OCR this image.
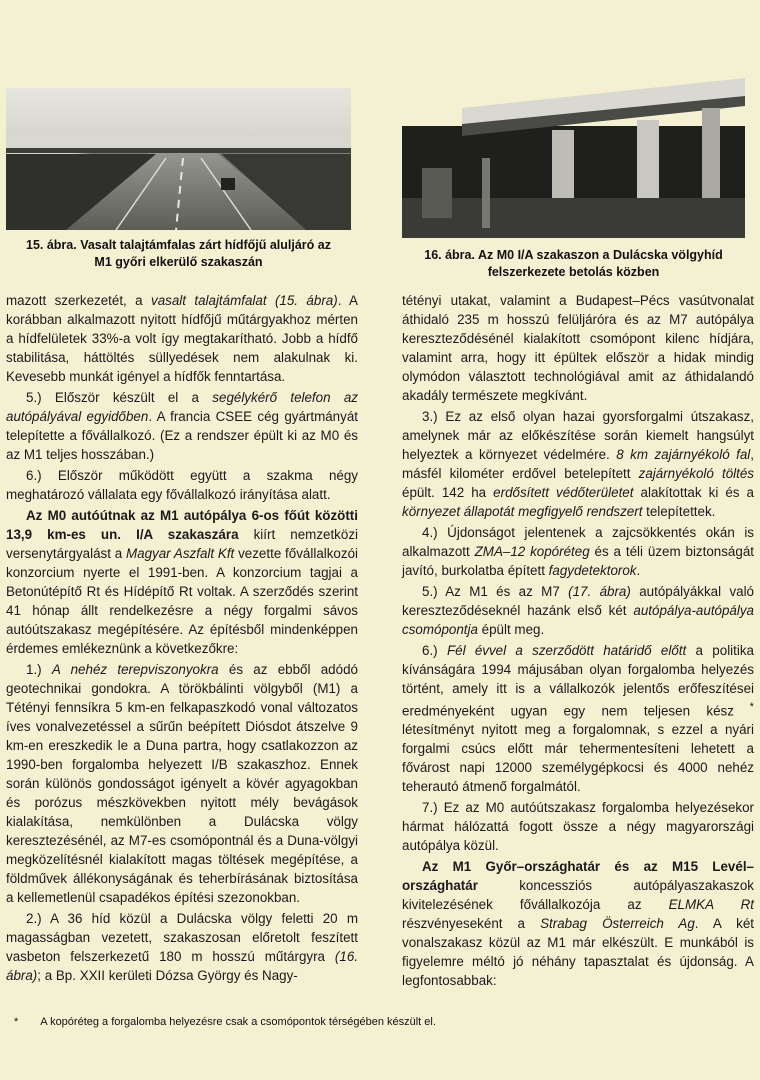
15. ábra. Vasalt talajtámfalas zárt hídfőjű aluljáró az
M1 győri elkerülő szakaszán	16. ábra. Az M0 I/A szakaszon a Dulácska völgyhíd
felszerkezete betolás közben

mazott szerkezetét, a vasalt talajtámfalat (15. ábra). A korábban alkalmazott nyitott hídfőjű műtárgyakhoz mérten a hídfelületek 33%-a volt így megtakarítható. Jobb a hídfő stabilitása, háttöltés süllyedések nem alakulnak ki. Kevesebb munkát igényel a hídfők fenntartása.

5.) Először készült el a segélykérő telefon az autópályával egyidőben. A francia CSEE cég gyártmányát telepítette a fővállalkozó. (Ez a rendszer épült ki az M0 és az M1 teljes hosszában.)

6.) Először működött együtt a szakma négy meghatározó vállalata egy fővállalkozó irányítása alatt.

Az M0 autóútnak az M1 autópálya 6-os főút közötti 13,9 km-es un. I/A szakaszára kiírt nemzetközi versenytárgyalást a Magyar Aszfalt Kft vezette fővállalkozói konzorcium nyerte el 1991-ben. A konzorcium tagjai a Betonútépítő Rt és Hídépítő Rt voltak. A szerződés szerint 41 hónap állt rendelkezésre a négy forgalmi sávos autóútszakasz megépítésére. Az építésből mindenképpen érdemes emlékeznünk a következőkre:

1.) A nehéz terepviszonyokra és az ebből adódó geotechnikai gondokra. A törökbálinti völgyből (M1) a Tétényi fennsíkra 5 km-en felkapaszkodó vonal változatos íves vonalvezetéssel a sűrűn beépített Diósdot átszelve 9 km-en ereszkedik le a Duna partra, hogy csatlakozzon az 1990-ben forgalomba helyezett I/B szakaszhoz. Ennek során különös gondosságot igényelt a kövér agyagokban és porózus mészkövekben nyitott mély bevágások kialakítása, nemkülönben a Dulácska völgy keresztezésénél, az M7-es csomópontnál és a Duna-völgyi megközelítésnél kialakított magas töltések megépítése, a földművek állékonyságának és teherbírásának biztosítása a kellemetlenül csapadékos építési szezonokban.

2.) A 36 híd közül a Dulácska völgy feletti 20 m magasságban vezetett, szakaszosan előretolt feszített vasbeton felszerkezetű 180 m hosszú műtárgyra (16. ábra); a Bp. XXII kerületi Dózsa György és Nagy-

tétényi utakat, valamint a Budapest–Pécs vasútvonalat áthidaló 235 m hosszú felüljáróra és az M7 autópálya kereszteződésénél kialakított csomópont kilenc hídjára, valamint arra, hogy itt épültek először a hidak mindig olymódon választott technológiával amit az áthidalandó akadály természete megkívánt.

3.) Ez az első olyan hazai gyorsforgalmi útszakasz, amelynek már az előkészítése során kiemelt hangsúlyt helyeztek a környezet védelmére. 8 km zajárnyékoló fal, másfél kilométer erdővel betelepített zajárnyékoló töltés épült. 142 ha erdősített védőterületet alakítottak ki és a környezet állapotát megfigyelő rendszert telepítettek.

4.) Újdonságot jelentenek a zajcsökkentés okán is alkalmazott ZMA–12 kopóréteg és a téli üzem biztonságát javító, burkolatba épített fagydetektorok.

5.) Az M1 és az M7 (17. ábra) autópályákkal való kereszteződéseknél hazánk első két autópálya-autópálya csomópontja épült meg.

6.) Fél évvel a szerződött határidő előtt a politika kívánságára 1994 májusában olyan forgalomba helyezés történt, amely itt is a vállalkozók jelentős erőfeszítései eredményeként ugyan egy nem teljesen kész * létesítményt nyitott meg a forgalomnak, s ezzel a nyári forgalmi csúcs előtt már tehermentesíteni lehetett a fővárost napi 12000 személygépkocsi és 4000 nehéz teherautó átmenő forgalmától.

7.) Ez az M0 autóútszakasz forgalomba helyezésekor hármat hálózattá fogott össze a négy magyarországi autópálya közül.

Az M1 Győr–országhatár és az M15 Levél–országhatár koncessziós autópályaszakaszok kivitelezésének fővállalkozója az ELMKA Rt részvényeseként a Strabag Österreich Ag. A két vonalszakasz közül az M1 már elkészült. E munkából is figyelemre méltó jó néhány tapasztalat és újdonság. A legfontosabbak:

* A kopóréteg a forgalomba helyezésre csak a csomópontok térségében készült el.
